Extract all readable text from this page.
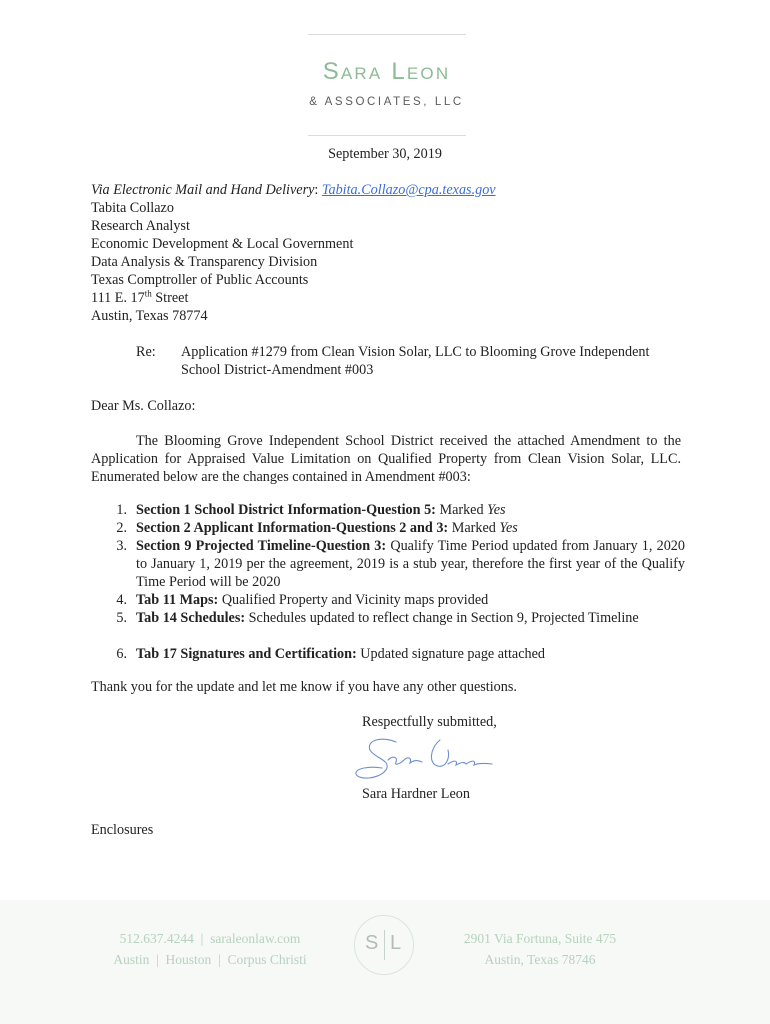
Sara Leon
& ASSOCIATES, LLC
September 30, 2019
Via Electronic Mail and Hand Delivery: Tabita.Collazo@cpa.texas.gov
Tabita Collazo
Research Analyst
Economic Development & Local Government
Data Analysis & Transparency Division
Texas Comptroller of Public Accounts
111 E. 17th Street
Austin, Texas 78774
Re: Application #1279 from Clean Vision Solar, LLC to Blooming Grove Independent
School District-Amendment #003
Dear Ms. Collazo:
The Blooming Grove Independent School District received the attached Amendment to the Application for Appraised Value Limitation on Qualified Property from Clean Vision Solar, LLC. Enumerated below are the changes contained in Amendment #003:
1. Section 1 School District Information-Question 5: Marked Yes
2. Section 2 Applicant Information-Questions 2 and 3: Marked Yes
3. Section 9 Projected Timeline-Question 3: Qualify Time Period updated from January 1, 2020 to January 1, 2019 per the agreement, 2019 is a stub year, therefore the first year of the Qualify Time Period will be 2020
4. Tab 11 Maps: Qualified Property and Vicinity maps provided
5. Tab 14 Schedules: Schedules updated to reflect change in Section 9, Projected Timeline
6. Tab 17 Signatures and Certification: Updated signature page attached
Thank you for the update and let me know if you have any other questions.
Respectfully submitted,
Sara Hardner Leon
Enclosures
512.637.4244 | saraleonlaw.com
Austin | Houston | Corpus Christi
S L	2901 Via Fortuna, Suite 475
Austin, Texas 78746
